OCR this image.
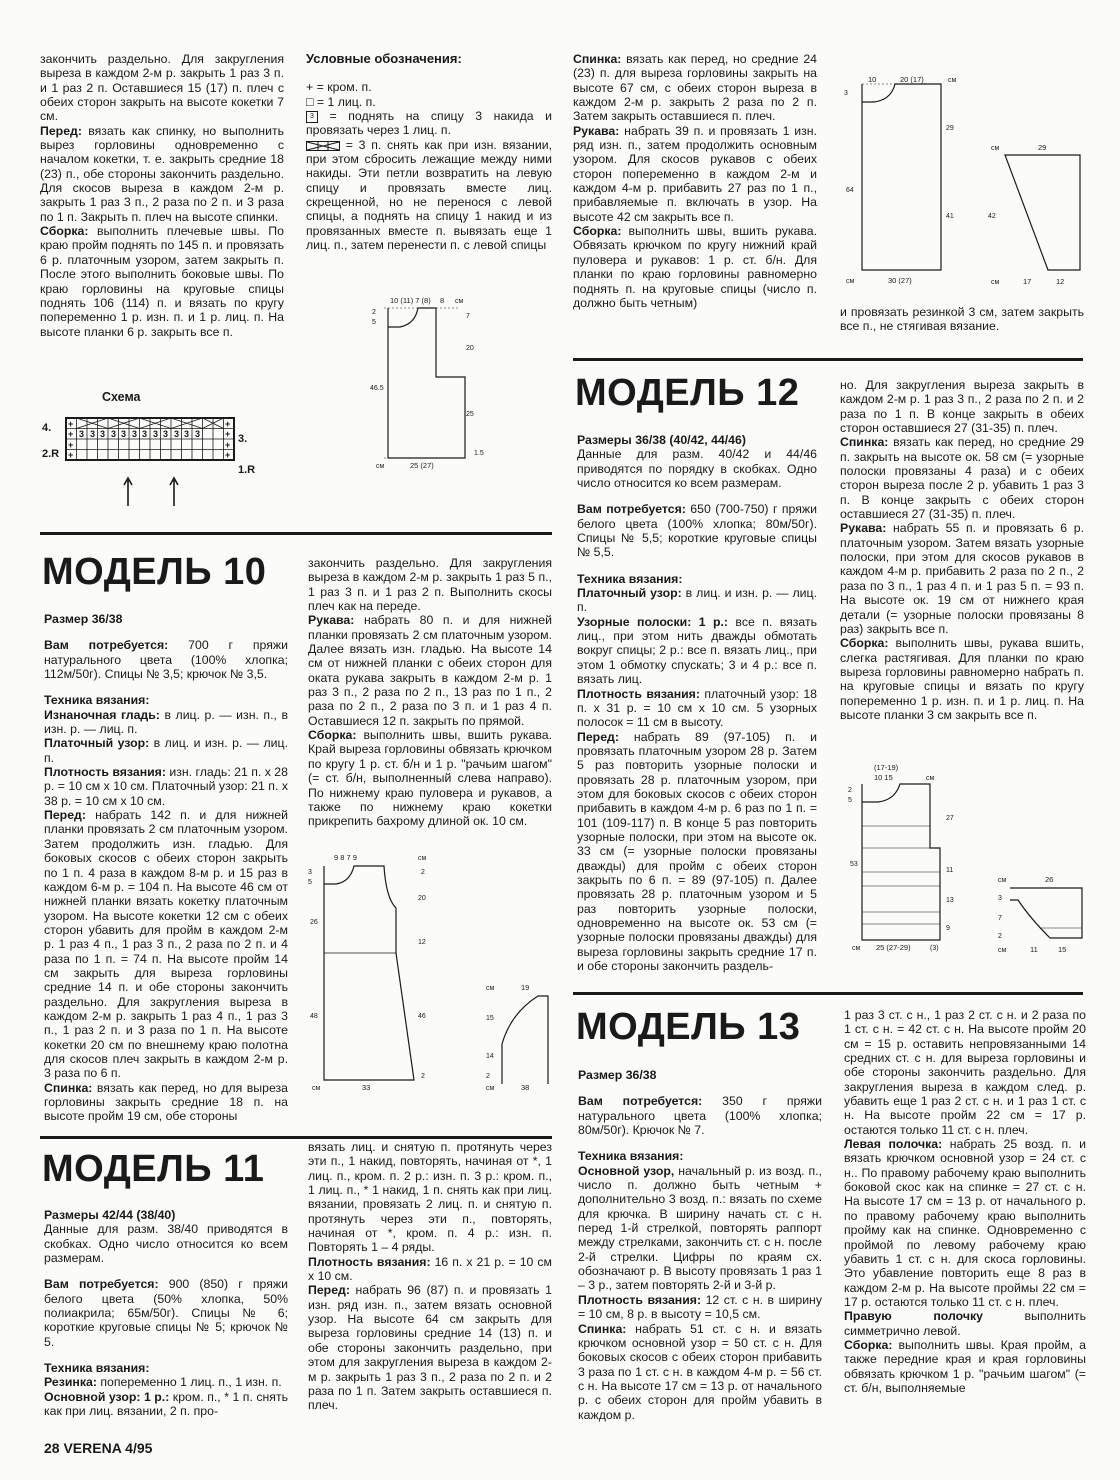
закончить раздельно. Для закругления выреза в каждом 2-м р. закрыть 1 раз 3 п. и 1 раз 2 п. Оставшиеся 15 (17) п. плеч с обеих сторон закрыть на высоте кокетки 7 см.

Перед: вязать как спинку, но выполнить вырез горловины одновременно с началом кокетки, т. е. закрыть средние 18 (23) п., обе стороны закончить раздельно. Для скосов выреза в каждом 2-м р. закрыть 1 раз 3 п., 2 раза по 2 п. и 3 раза по 1 п. Закрыть п. плеч на высоте спинки.

Сборка: выполнить плечевые швы. По краю пройм поднять по 145 п. и провязать 6 р. платочным узором, затем закрыть п. После этого выполнить боковые швы. По краю горловины на круговые спицы поднять 106 (114) п. и вязать по кругу попеременно 1 р. изн. п. и 1 р. лиц. п. На высоте планки 6 р. закрыть все п.

Условные обозначения:

+ = кром. п.

□ = 1 лиц. п.

3 = поднять на спицу 3 накида и провязать через 1 лиц. п.

= 3 п. снять как при изн. вязании, при этом сбросить лежащие между ними накиды. Эти петли возвратить на левую спицу и провязать вместе лиц. скрещенной, но не перенося с левой спицы, а поднять на спицу 1 накид и из провязанных вместе п. вывязать еще 1 лиц. п., затем перенести п. с левой спицы

Схема
+
+
+
+
+
+
+
+
3 3 3 3 3 3 3 3 3 3 3 3
4.
2.R
3.
1.R
10 (11) 7 (8) 8 см
2
5
7
20
46.5
25
1.5
см	25 (27)

Спинка: вязать как перед, но средние 24 (23) п. для выреза горловины закрыть на высоте 67 см, с обеих сторон выреза в каждом 2-м р. закрыть 2 раза по 2 п. Затем закрыть оставшиеся п. плеч.

Рукава: набрать 39 п. и провязать 1 изн. ряд изн. п., затем продолжить основным узором. Для скосов рукавов с обеих сторон попеременно в каждом 2-м и каждом 4-м р. прибавить 27 раз по 1 п., прибавляемые п. включать в узор. На высоте 42 см закрыть все п.

Сборка: выполнить швы, вшить рукава. Обвязать крючком по кругу нижний край пуловера и рукавов: 1 р. ст. б/н. Для планки по краю горловины равномерно поднять п. на круговые спицы (число п. должно быть четным)

10	20 (17)	см
3
29
64
41
см	30 (27)
см	29
42
см	17	12

и провязать резинкой 3 см, затем закрыть все п., не стягивая вязание.

МОДЕЛЬ 10

Размер 36/38

Вам потребуется: 700 г пряжи натурального цвета (100% хлопка; 112м/50г). Спицы № 3,5; крючок № 3,5.

Техника вязания:

Изнаночная гладь: в лиц. р. — изн. п., в изн. р. — лиц. п.

Платочный узор: в лиц. и изн. р. — лиц. п.

Плотность вязания: изн. гладь: 21 п. x 28 р. = 10 см x 10 см. Платочный узор: 21 п. x 38 р. = 10 см x 10 см.

Перед: набрать 142 п. и для нижней планки провязать 2 см платочным узором. Затем продолжить изн. гладью. Для боковых скосов с обеих сторон закрыть по 1 п. 4 раза в каждом 8-м р. и 15 раз в каждом 6-м р. = 104 п. На высоте 46 см от нижней планки вязать кокетку платочным узором. На высоте кокетки 12 см с обеих сторон убавить для пройм в каждом 2-м р. 1 раз 4 п., 1 раз 3 п., 2 раза по 2 п. и 4 раза по 1 п. = 74 п. На высоте пройм 14 см закрыть для выреза горловины средние 14 п. и обе стороны закончить раздельно. Для закругления выреза в каждом 2-м р. закрыть 1 раз 4 п., 1 раз 3 п., 1 раз 2 п. и 3 раза по 1 п. На высоте кокетки 20 см по внешнему краю полотна для скосов плеч закрыть в каждом 2-м р. 3 раза по 6 п.

Спинка: вязать как перед, но для выреза горловины закрыть средние 18 п. на высоте пройм 19 см, обе стороны

закончить раздельно. Для закругления выреза в каждом 2-м р. закрыть 1 раз 5 п., 1 раз 3 п. и 1 раз 2 п. Выполнить скосы плеч как на переде.

Рукава: набрать 80 п. и для нижней планки провязать 2 см платочным узором. Далее вязать изн. гладью. На высоте 14 см от нижней планки с обеих сторон для оката рукава закрыть в каждом 2-м р. 1 раз 3 п., 2 раза по 2 п., 13 раз по 1 п., 2 раза по 2 п., 2 раза по 3 п. и 1 раз 4 п. Оставшиеся 12 п. закрыть по прямой.

Сборка: выполнить швы, вшить рукава. Край выреза горловины обвязать крючком по кругу 1 р. ст. б/н и 1 р. "рачьим шагом" (= ст. б/н, выполненный слева направо). По нижнему краю пуловера и рукавов, а также по нижнему краю кокетки прикрепить бахрому длиной ок. 10 см.

9 8 7 9	см
3
5
2
20
26
12
48	46
2
см	33
см	19
15
14
2
см	38
МОДЕЛЬ 11

Размеры 42/44 (38/40)

Данные для разм. 38/40 приводятся в скобках. Одно число относится ко всем размерам.

Вам потребуется: 900 (850) г пряжи белого цвета (50% хлопка, 50% полиакрила; 65м/50г). Спицы № 6; короткие круговые спицы № 5; крючок № 5.

Техника вязания:

Резинка: попеременно 1 лиц. п., 1 изн. п.

Основной узор: 1 р.: кром. п., * 1 п. снять как при лиц. вязании, 2 п. про-

вязать лиц. и снятую п. протянуть через эти п., 1 накид, повторять, начиная от *, 1 лиц. п., кром. п. 2 р.: изн. п. 3 р.: кром. п., 1 лиц. п., * 1 накид, 1 п. снять как при лиц. вязании, провязать 2 лиц. п. и снятую п. протянуть через эти п., повторять, начиная от *, кром. п. 4 р.: изн. п. Повторять 1 – 4 ряды.

Плотность вязания: 16 п. x 21 р. = 10 см x 10 см.

Перед: набрать 96 (87) п. и провязать 1 изн. ряд изн. п., затем вязать основной узор. На высоте 64 см закрыть для выреза горловины средние 14 (13) п. и обе стороны закончить раздельно, при этом для закругления выреза в каждом 2-м р. закрыть 1 раз 3 п., 2 раза по 2 п. и 2 раза по 1 п. Затем закрыть оставшиеся п. плеч.

МОДЕЛЬ 12

Размеры 36/38 (40/42, 44/46)

Данные для разм. 40/42 и 44/46 приводятся по порядку в скобках. Одно число относится ко всем размерам.

Вам потребуется: 650 (700-750) г пряжи белого цвета (100% хлопка; 80м/50г). Спицы № 5,5; короткие круговые спицы № 5,5.

Техника вязания:

Платочный узор: в лиц. и изн. р. — лиц. п.

Узорные полоски: 1 р.: все п. вязать лиц., при этом нить дважды обмотать вокруг спицы; 2 р.: все п. вязать лиц., при этом 1 обмотку спускать; 3 и 4 р.: все п. вязать лиц.

Плотность вязания: платочный узор: 18 п. x 31 р. = 10 см x 10 см. 5 узорных полосок = 11 см в высоту.

Перед: набрать 89 (97-105) п. и провязать платочным узором 28 р. Затем 5 раз повторить узорные полоски и провязать 28 р. платочным узором, при этом для боковых скосов с обеих сторон прибавить в каждом 4-м р. 6 раз по 1 п. = 101 (109-117) п. В конце 5 раз повторить узорные полоски, при этом на высоте ок. 33 см (= узорные полоски провязаны дважды) для пройм с обеих сторон закрыть по 6 п. = 89 (97-105) п. Далее провязать 28 р. платочным узором и 5 раз повторить узорные полоски, одновременно на высоте ок. 53 см (= узорные полоски провязаны дважды) для выреза горловины закрыть средние 17 п. и обе стороны закончить раздель-

но. Для закругления выреза закрыть в каждом 2-м р. 1 раз 3 п., 2 раза по 2 п. и 2 раза по 1 п. В конце закрыть в обеих сторон оставшиеся 27 (31-35) п. плеч.

Спинка: вязать как перед, но средние 29 п. закрыть на высоте ок. 58 см (= узорные полоски провязаны 4 раза) и с обеих сторон выреза после 2 р. убавить 1 раз 3 п. В конце закрыть с обеих сторон оставшиеся 27 (31-35) п. плеч.

Рукава: набрать 55 п. и провязать 6 р. платочным узором. Затем вязать узорные полоски, при этом для скосов рукавов в каждом 4-м р. прибавить 2 раза по 2 п., 2 раза по 3 п., 1 раз 4 п. и 1 раз 5 п. = 93 п. На высоте ок. 19 см от нижнего края детали (= узорные полоски провязаны 8 раз) закрыть все п.

Сборка: выполнить швы, рукава вшить, слегка растягивая. Для планки по краю выреза горловины равномерно набрать п. на круговые спицы и вязать по кругу попеременно 1 р. изн. п. и 1 р. лиц. п. На высоте планки 3 см закрыть все п.

(17-19)
10 15	см
2
5
27
53
11
13
9
см 25 (27-29)	(3)
см	26
3
7
2
см	11	15
МОДЕЛЬ 13

Размер 36/38

Вам потребуется: 350 г пряжи натурального цвета (100% хлопка; 80м/50г). Крючок № 7.

Техника вязания:

Основной узор, начальный р. из возд. п., число п. должно быть четным + дополнительно 3 возд. п.: вязать по схеме для крючка. В ширину начать ст. с н. перед 1-й стрелкой, повторять раппорт между стрелками, закончить ст. с н. после 2-й стрелки. Цифры по краям сх. обозначают р. В высоту провязать 1 раз 1 – 3 р., затем повторять 2-й и 3-й р.

Плотность вязания: 12 ст. с н. в ширину = 10 см, 8 р. в высоту = 10,5 см.

Спинка: набрать 51 ст. с н. и вязать крючком основной узор = 50 ст. с н. Для боковых скосов с обеих сторон прибавить 3 раза по 1 ст. с н. в каждом 4-м р. = 56 ст. с н. На высоте 17 см = 13 р. от начального р. с обеих сторон для пройм убавить в каждом р.

1 раз 3 ст. с н., 1 раз 2 ст. с н. и 2 раза по 1 ст. с н. = 42 ст. с н. На высоте пройм 20 см = 15 р. оставить непровязанными 14 средних ст. с н. для выреза горловины и обе стороны закончить раздельно. Для закругления выреза в каждом след. р. убавить еще 1 раз 2 ст. с н. и 1 раз 1 ст. с н. На высоте пройм 22 см = 17 р. остаются только 11 ст. с н. плеч.

Левая полочка: набрать 25 возд. п. и вязать крючком основной узор = 24 ст. с н.. По правому рабочему краю выполнить боковой скос как на спинке = 27 ст. с н. На высоте 17 см = 13 р. от начального р. по правому рабочему краю выполнить пройму как на спинке. Одновременно с проймой по левому рабочему краю убавить 1 ст. с н. для скоса горловины. Это убавление повторить еще 8 раз в каждом 2-м р. На высоте проймы 22 см = 17 р. остаются только 11 ст. с н. плеч.

Правую полочку выполнить симметрично левой.

Сборка: выполнить швы. Края пройм, а также передние края и края горловины обвязать крючком 1 р. "рачьим шагом" (= ст. б/н, выполняемые

28 VERENA 4/95
